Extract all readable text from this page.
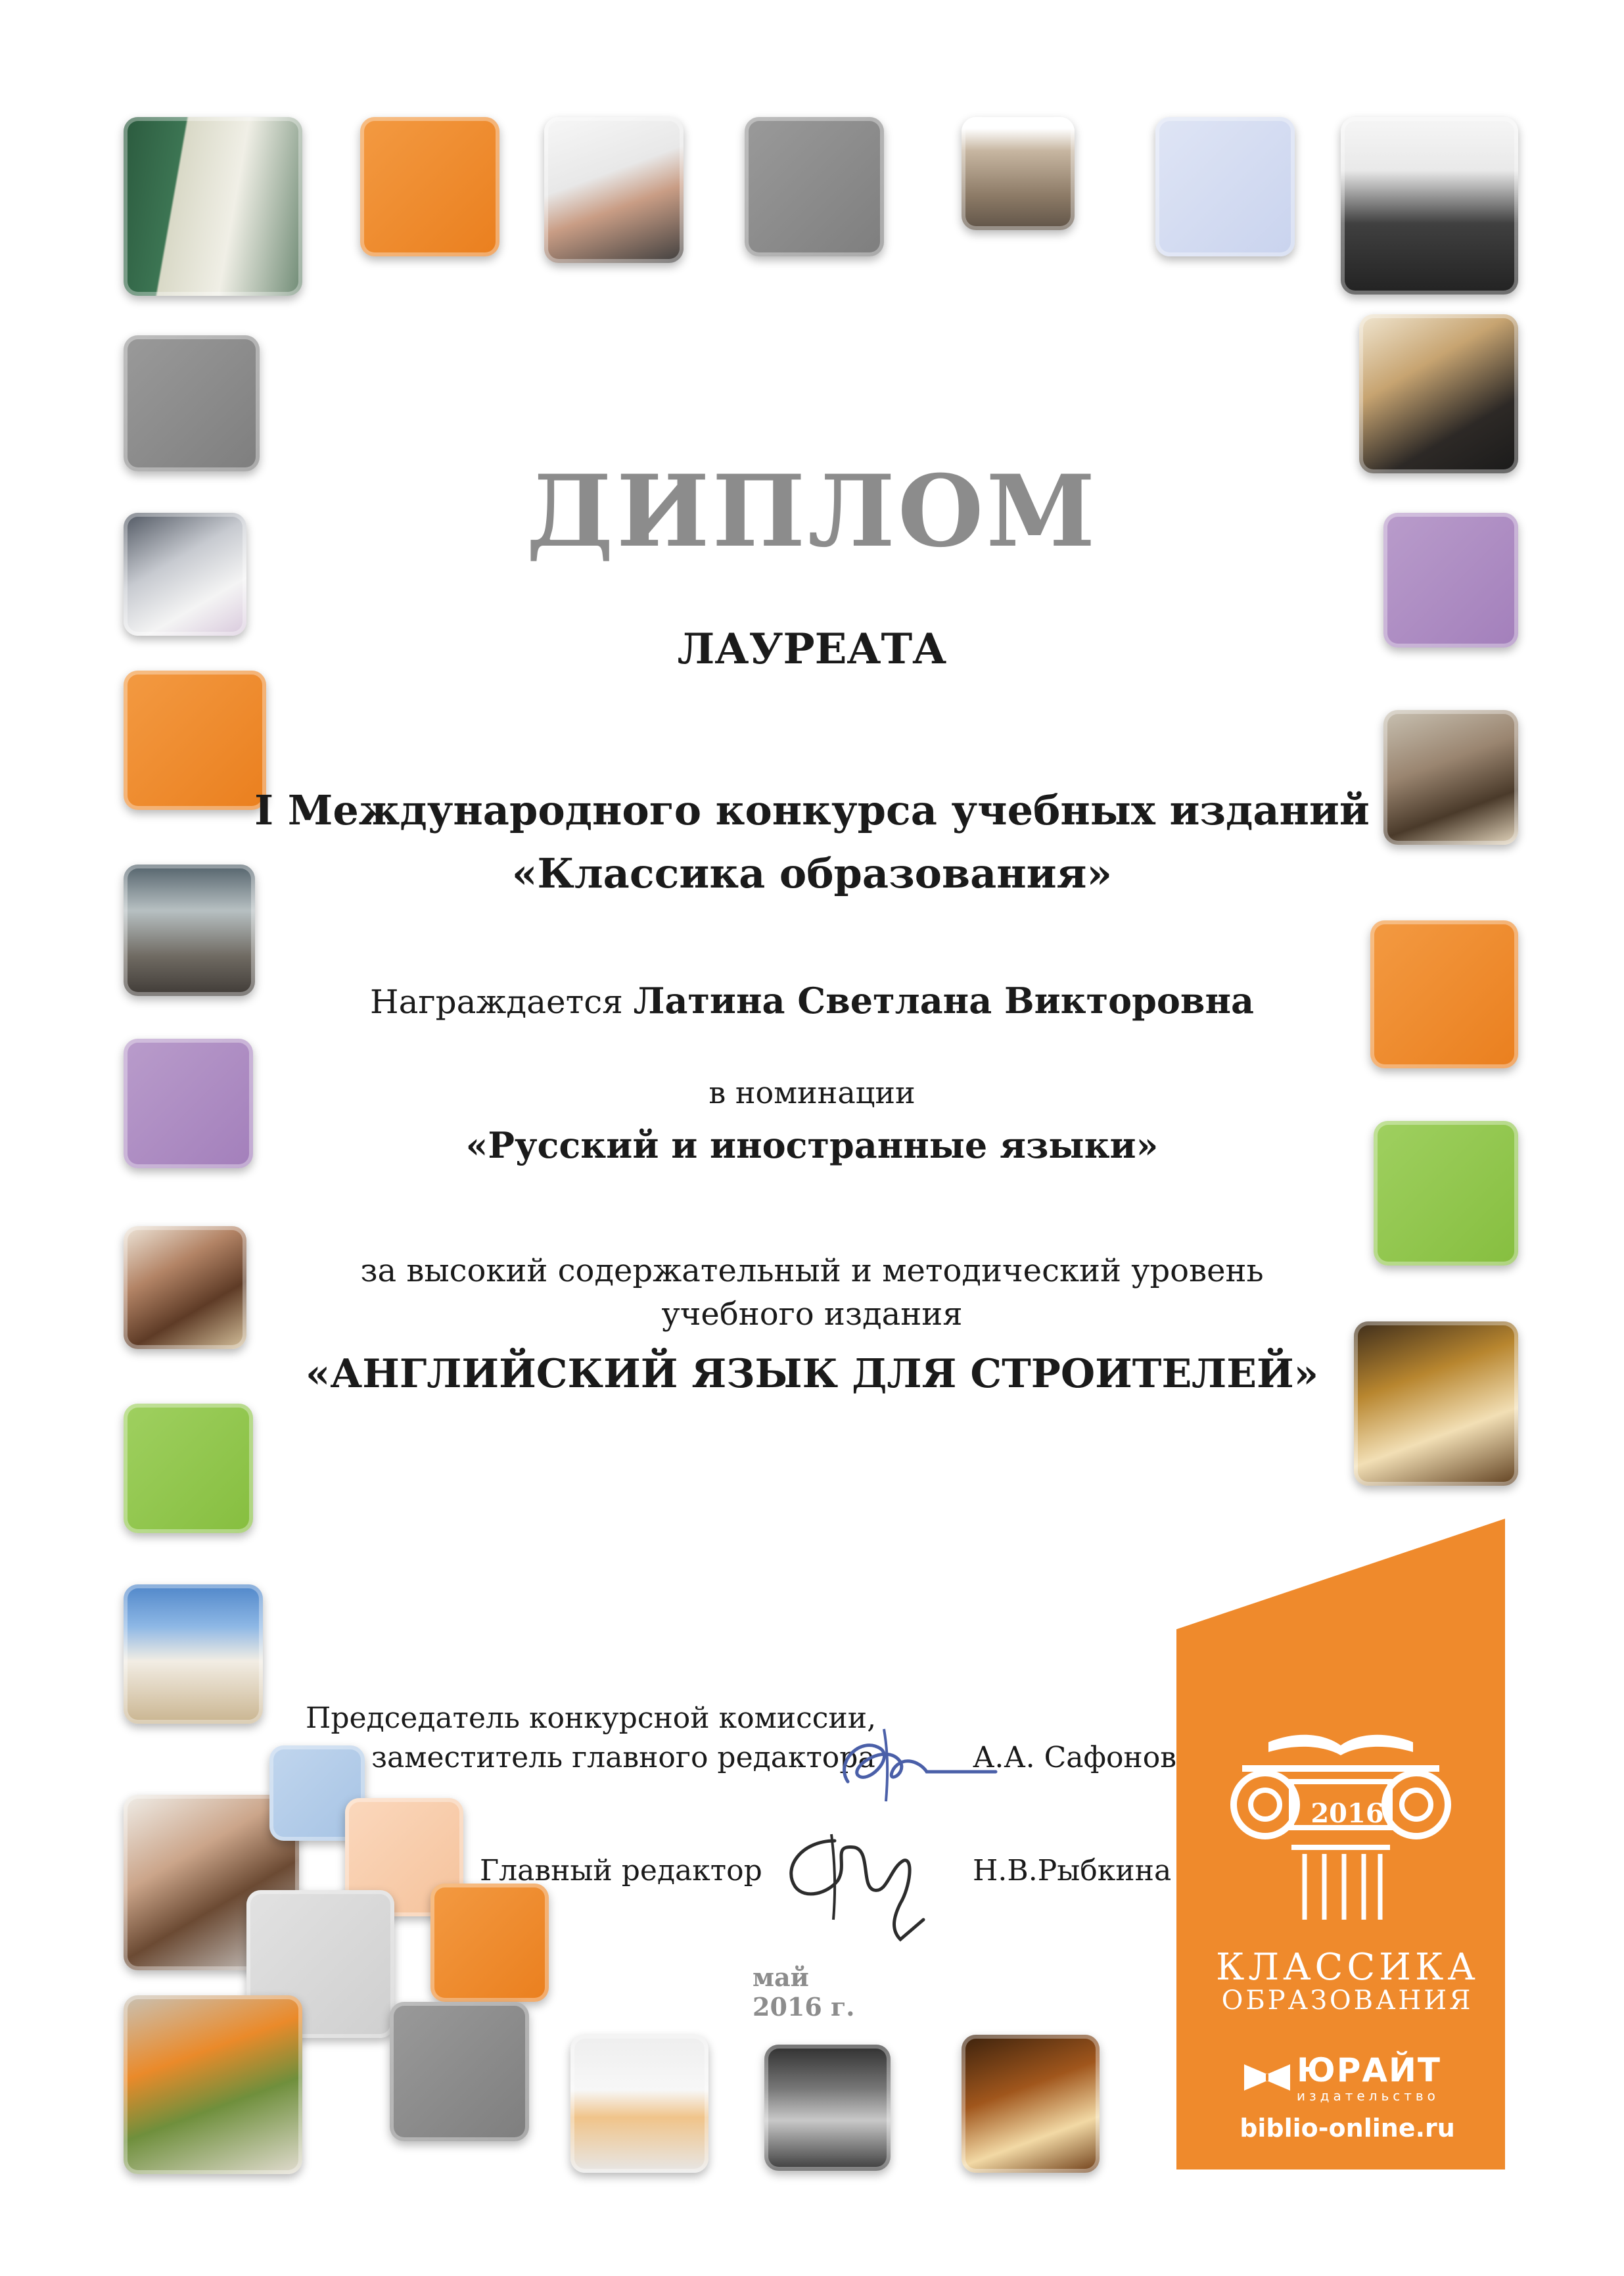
ДИПЛОМ
ЛАУРЕАТА
I Международного конкурса учебных изданий
«Классика образования»
Награждается Латина Светлана Викторовна
в номинации
«Русский и иностранные языки»
за высокий содержательный и методический уровень
учебного издания
«АНГЛИЙСКИЙ ЯЗЫК ДЛЯ СТРОИТЕЛЕЙ»
Председатель конкурсной комиссии,
заместитель главного редактора	А.А. Сафонов
Главный редактор	Н.В.Рыбкина
май 2016 г.
2016
КЛАССИКА
ОБРАЗОВАНИЯ
ЮРАЙТ
издательство
biblio-online.ru
